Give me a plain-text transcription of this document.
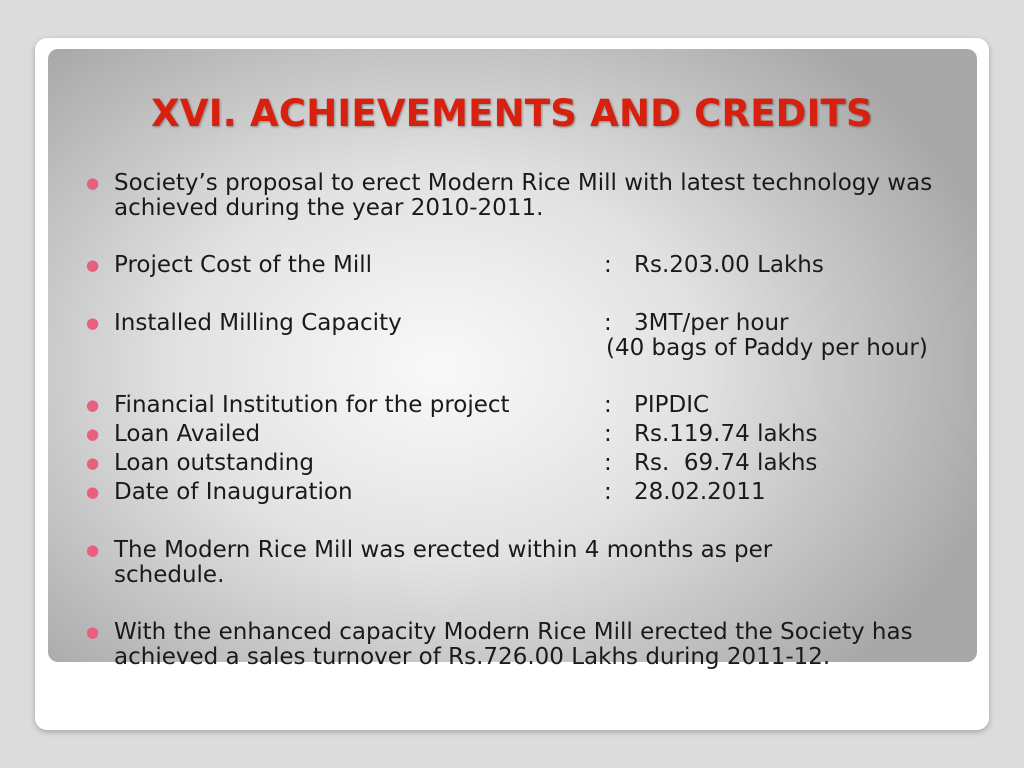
XVI. ACHIEVEMENTS AND CREDITS
● Society’s proposal to erect Modern Rice Mill with latest technology was achieved during the year 2010-2011.
● Project Cost of the Mill	: Rs.203.00 Lakhs
● Installed Milling Capacity	: 3MT/per hour
(40 bags of Paddy per hour)
● Financial Institution for the project	: PIPDIC
● Loan Availed	: Rs.119.74 lakhs
● Loan outstanding	: Rs.  69.74 lakhs
● Date of Inauguration	: 28.02.2011
● The Modern Rice Mill was erected within 4 months as per schedule.
● With the enhanced capacity Modern Rice Mill erected the Society has achieved a sales turnover of Rs.726.00 Lakhs during 2011-12.
